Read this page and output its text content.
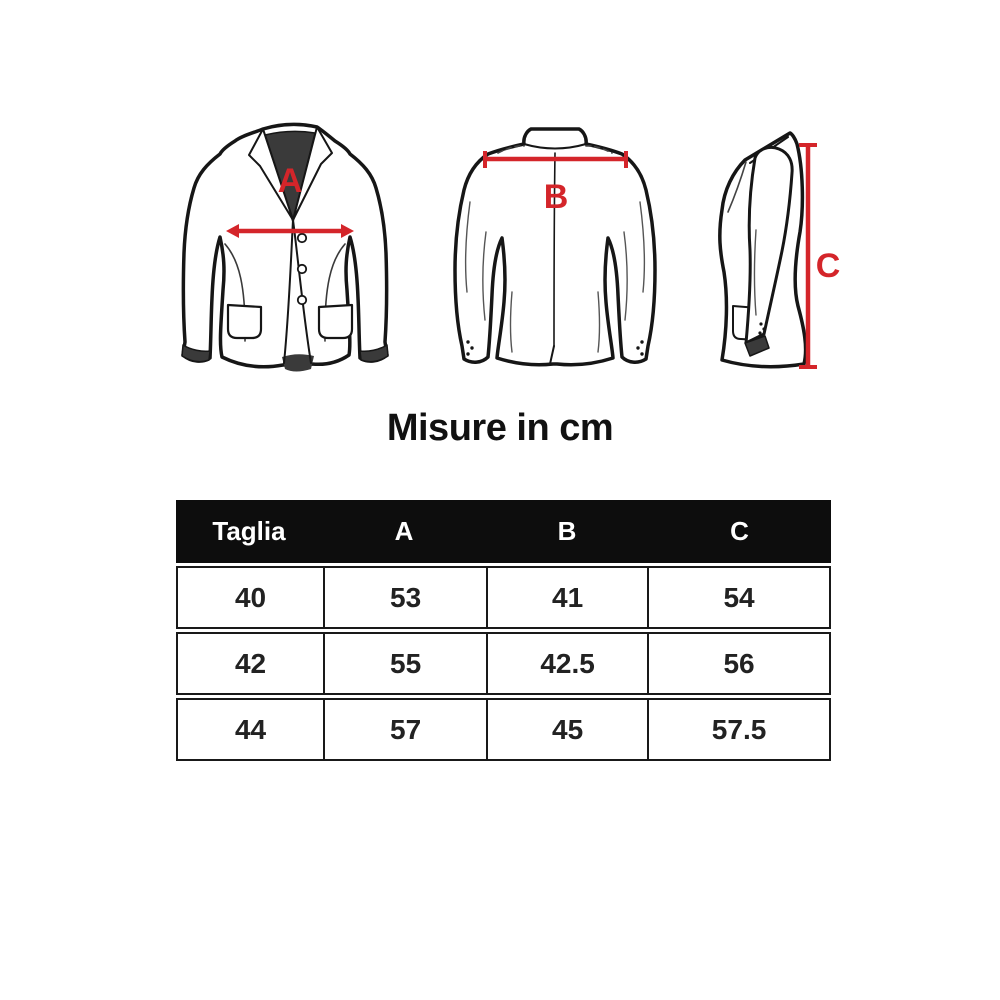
A	B
C
Misure in cm
Taglia	A	B	C
40	53	41	54
42	55	42.5	56
44	57	45	57.5
